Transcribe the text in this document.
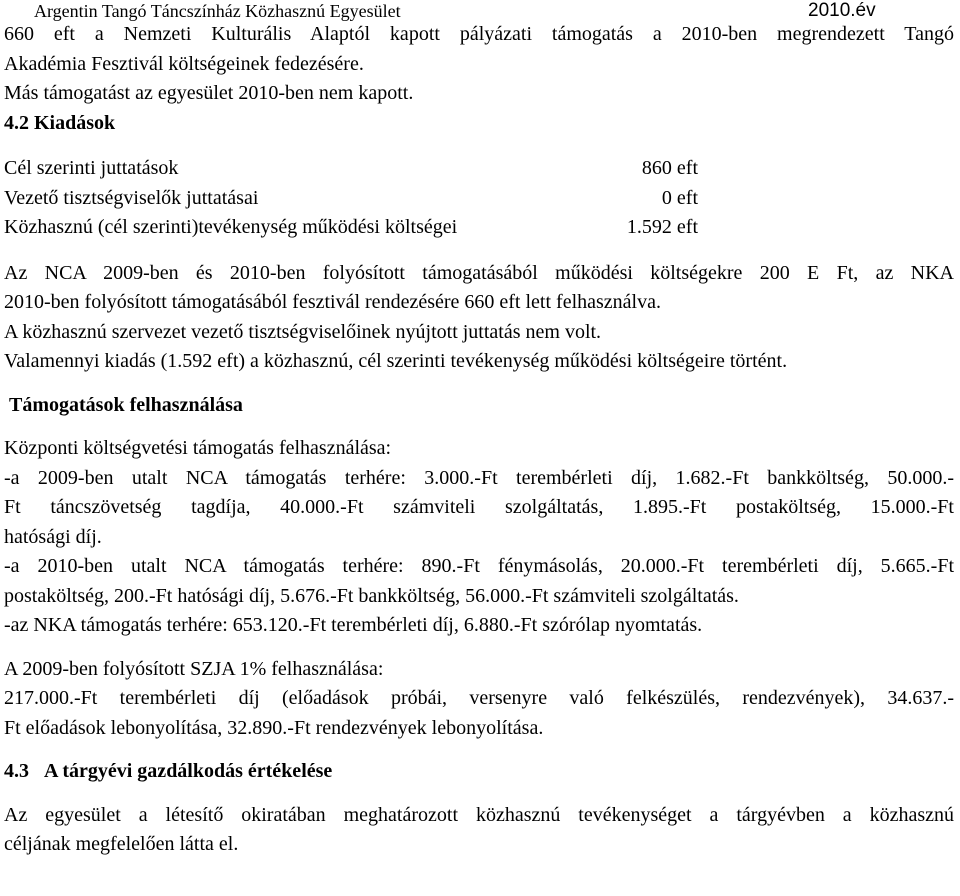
Argentin Tangó Táncszínház Közhasznú Egyesület	2010.év
660 eft a Nemzeti Kulturális Alaptól kapott pályázati támogatás a 2010-ben megrendezett Tangó
Akadémia Fesztivál költségeinek fedezésére.
Más támogatást az egyesület 2010-ben nem kapott.
4.2 Kiadások
Cél szerinti juttatások	860 eft
Vezető tisztségviselők juttatásai	0 eft
Közhasznú (cél szerinti)tevékenység működési költségei	1.592 eft
Az NCA 2009-ben és 2010-ben folyósított támogatásából működési költségekre 200 E Ft, az NKA
2010-ben folyósított támogatásából fesztivál rendezésére 660 eft lett felhasználva.
A közhasznú szervezet vezető tisztségviselőinek nyújtott juttatás nem volt.
Valamennyi kiadás (1.592 eft) a közhasznú, cél szerinti tevékenység működési költségeire történt.
Támogatások felhasználása
Központi költségvetési támogatás felhasználása:
-a 2009-ben utalt NCA támogatás terhére: 3.000.-Ft terembérleti díj, 1.682.-Ft bankköltség, 50.000.-
Ft táncszövetség tagdíja, 40.000.-Ft számviteli szolgáltatás, 1.895.-Ft postaköltség, 15.000.-Ft
hatósági díj.
-a 2010-ben utalt NCA támogatás terhére: 890.-Ft fénymásolás, 20.000.-Ft terembérleti díj, 5.665.-Ft
postaköltség, 200.-Ft hatósági díj, 5.676.-Ft bankköltség, 56.000.-Ft számviteli szolgáltatás.
-az NKA támogatás terhére: 653.120.-Ft terembérleti díj, 6.880.-Ft szórólap nyomtatás.
A 2009-ben folyósított SZJA 1% felhasználása:
217.000.-Ft terembérleti díj (előadások próbái, versenyre való felkészülés, rendezvények), 34.637.-
Ft előadások lebonyolítása, 32.890.-Ft rendezvények lebonyolítása.
4.3 A tárgyévi gazdálkodás értékelése
Az egyesület a létesítő okiratában meghatározott közhasznú tevékenységet a tárgyévben a közhasznú
céljának megfelelően látta el.
